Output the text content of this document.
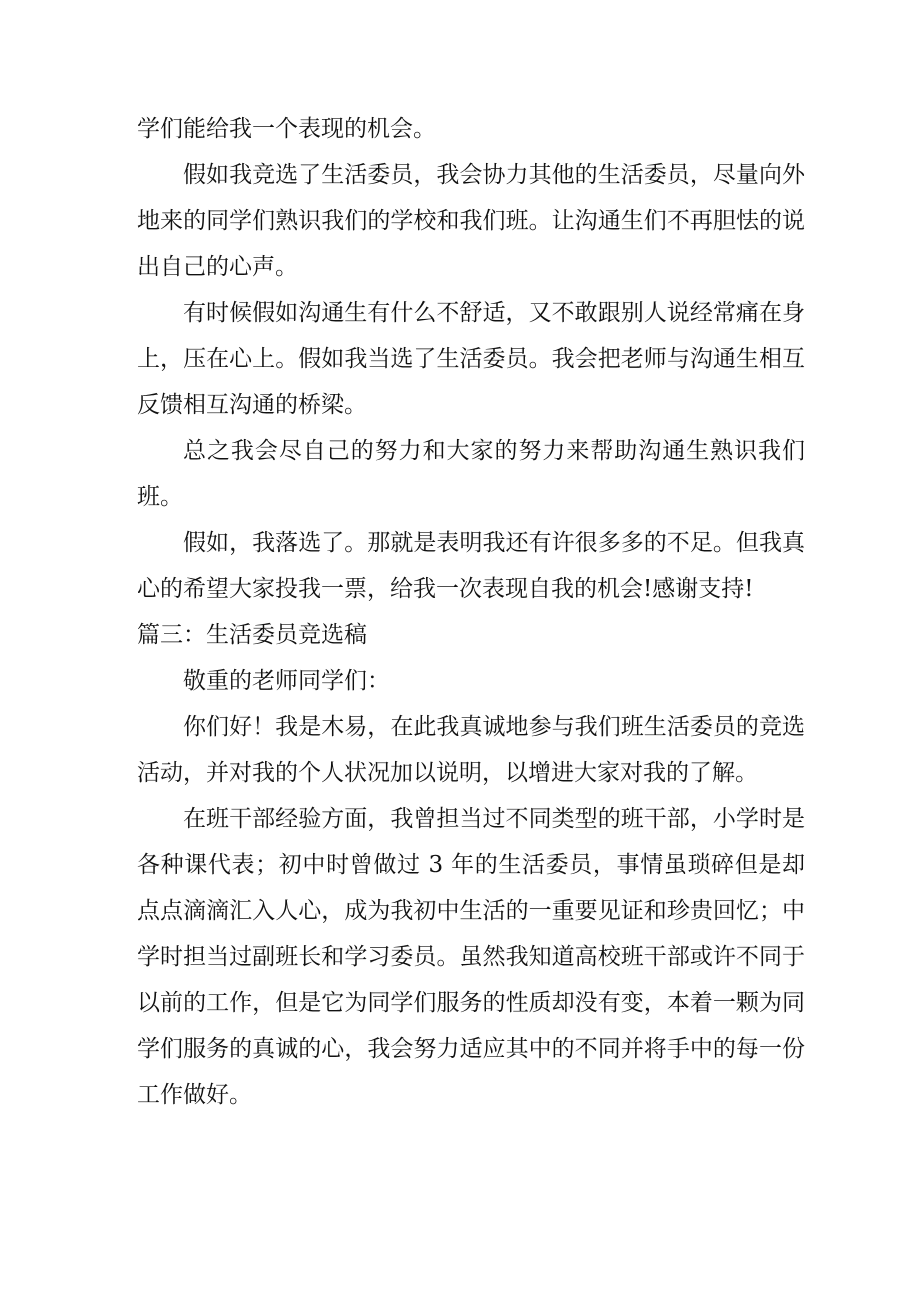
学们能给我一个表现的机会。

假如我竞选了生活委员，我会协力其他的生活委员，尽量向外地来的同学们熟识我们的学校和我们班。让沟通生们不再胆怯的说出自己的心声。

有时候假如沟通生有什么不舒适，又不敢跟别人说经常痛在身上，压在心上。假如我当选了生活委员。我会把老师与沟通生相互反馈相互沟通的桥梁。

总之我会尽自己的努力和大家的努力来帮助沟通生熟识我们班。

假如，我落选了。那就是表明我还有许很多多的不足。但我真心的希望大家投我一票，给我一次表现自我的机会!感谢支持!

篇三：生活委员竞选稿

敬重的老师同学们：

你们好！我是木易，在此我真诚地参与我们班生活委员的竞选活动，并对我的个人状况加以说明，以增进大家对我的了解。

在班干部经验方面，我曾担当过不同类型的班干部，小学时是各种课代表；初中时曾做过 3 年的生活委员，事情虽琐碎但是却点点滴滴汇入人心，成为我初中生活的一重要见证和珍贵回忆；中学时担当过副班长和学习委员。虽然我知道高校班干部或许不同于以前的工作，但是它为同学们服务的性质却没有变，本着一颗为同学们服务的真诚的心，我会努力适应其中的不同并将手中的每一份工作做好。
